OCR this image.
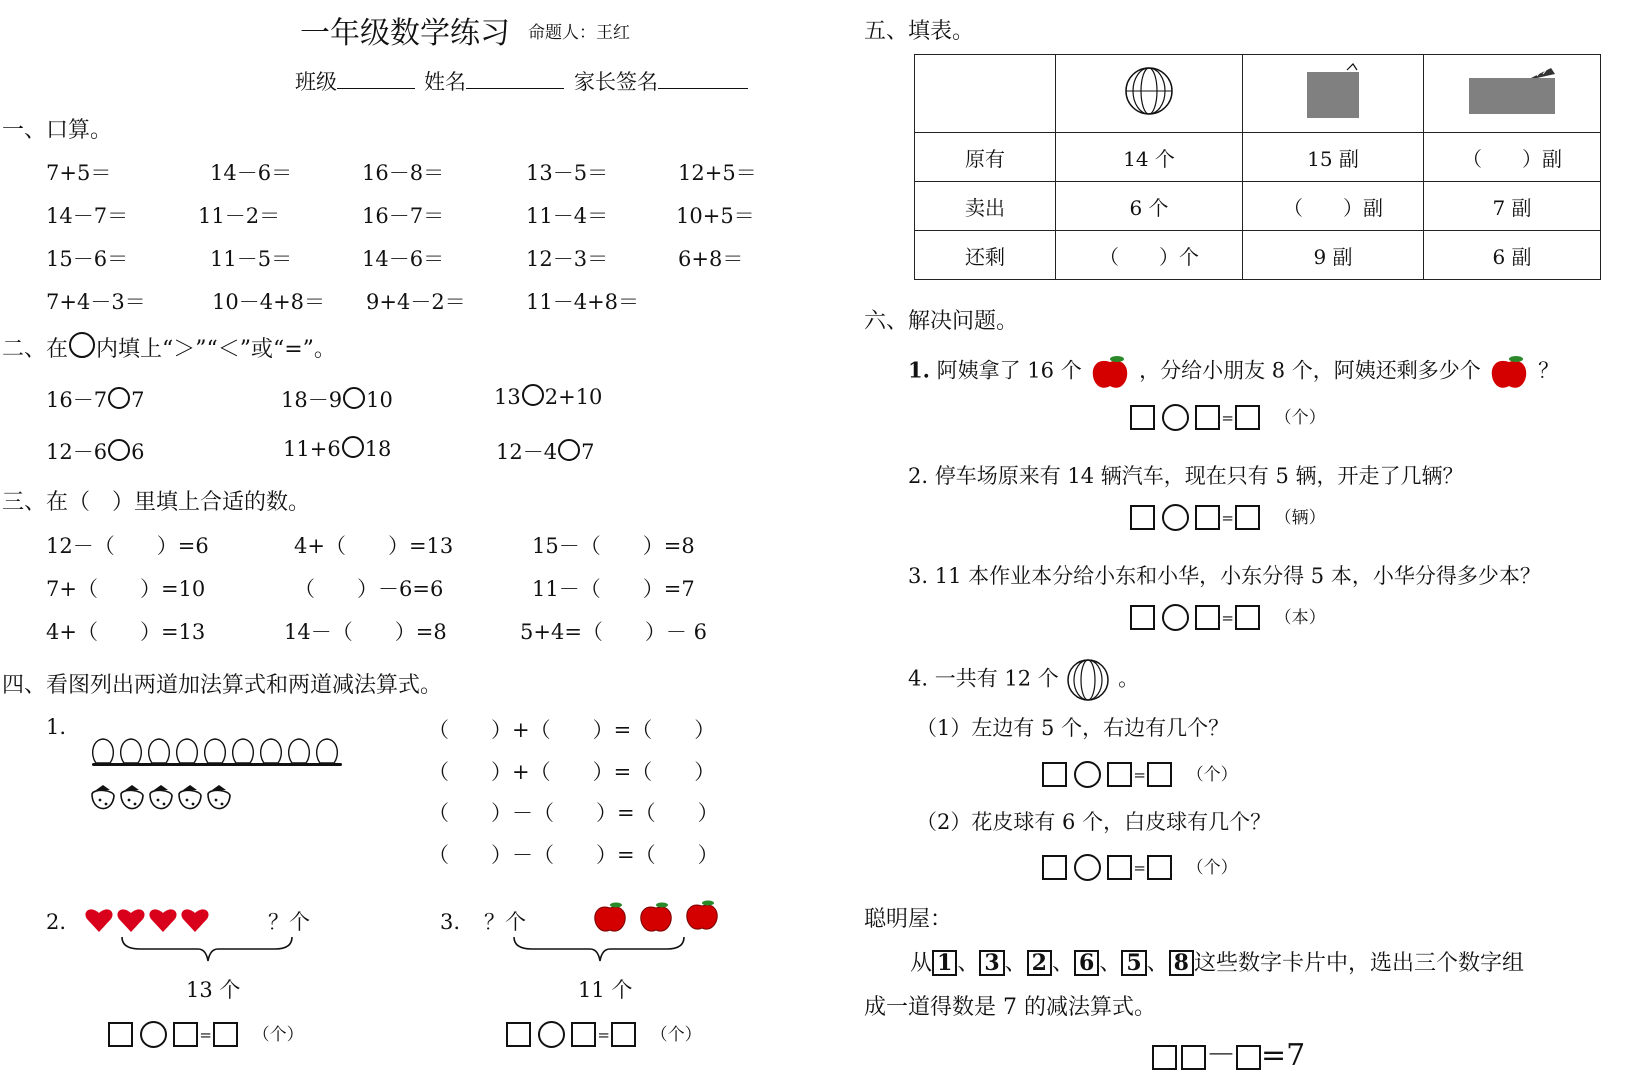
一年级数学练习 命题人：王红
班级	姓名	家长签名
一、口算。
7+5＝	14－6＝	16－8＝	13－5＝	12+5＝
14－7＝	11－2＝	16－7＝	11－4＝	10+5＝
15－6＝	11－5＝	14－6＝	12－3＝	6+8＝
7+4－3＝	10－4+8＝ 9+4－2＝	11－4+8＝
二、在 内填上“＞”“＜”或“=”。
16－7 7	18－9 10	13 2+10
12－6 6	11+6 18	12－4 7
三、在（　）里填上合适的数。
12－（　　）=6	4+（　　）=13	15－（　　）=8
7+（　　）=10	（　　）－6=6	11－（　　）=7
4+（　　）=13	14－（　　）=8	5+4=（　　）－ 6
四、看图列出两道加法算式和两道减法算式。
1.	（　　）+（　　）=（　　）
（　　）+（　　）=（　　）
（　　）－（　　）=（　　）
（　　）－（　　）=（　　）
2.	？个
13 个
= （个）
3. ？个
11 个
= （个）
五、填表。

原有	14 个	15 副	（　　）副
卖出	6 个	（　　）副	7 副
还剩	（　　）个	9 副	6 副
六、解决问题。
1. 阿姨拿了 16 个	，分给小朋友 8 个，阿姨还剩多少个	？
= （个）
2. 停车场原来有 14 辆汽车，现在只有 5 辆，开走了几辆？
= （辆）
3. 11 本作业本分给小东和小华，小东分得 5 本，小华分得多少本？
= （本）
4. 一共有 12 个	。
（1）左边有 5 个，右边有几个？
= （个）
（2）花皮球有 6 个，白皮球有几个？
= （个）
聪明屋：
从 1 、 3 、 2 、 6 、 5 、 8 这些数字卡片中，选出三个数字组
成一道得数是 7 的减法算式。
－ =7
